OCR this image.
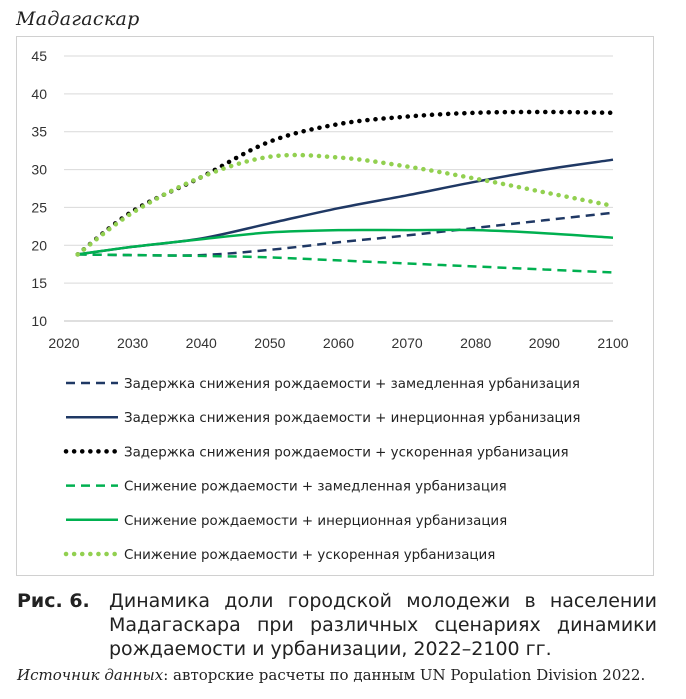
Мадагаскар
10
15
20
25
30
35
40
45
2020	2030	2040	2050	2060	2070	2080	2090	2100
Задержка снижения рождаемости + замедленная урбанизация
Задержка снижения рождаемости + инерционная урбанизация
Задержка снижения рождаемости + ускоренная урбанизация
Снижение рождаемости + замедленная урбанизация
Снижение рождаемости + инерционная урбанизация
Снижение рождаемости + ускоренная урбанизация
Рис. 6. Динамика доли городской молодежи в населении Мадагаскара при различных сценариях динамики рождаемости и урбанизации, 2022–2100 гг.
Источник данных: авторские расчеты по данным UN Population Division 2022.
